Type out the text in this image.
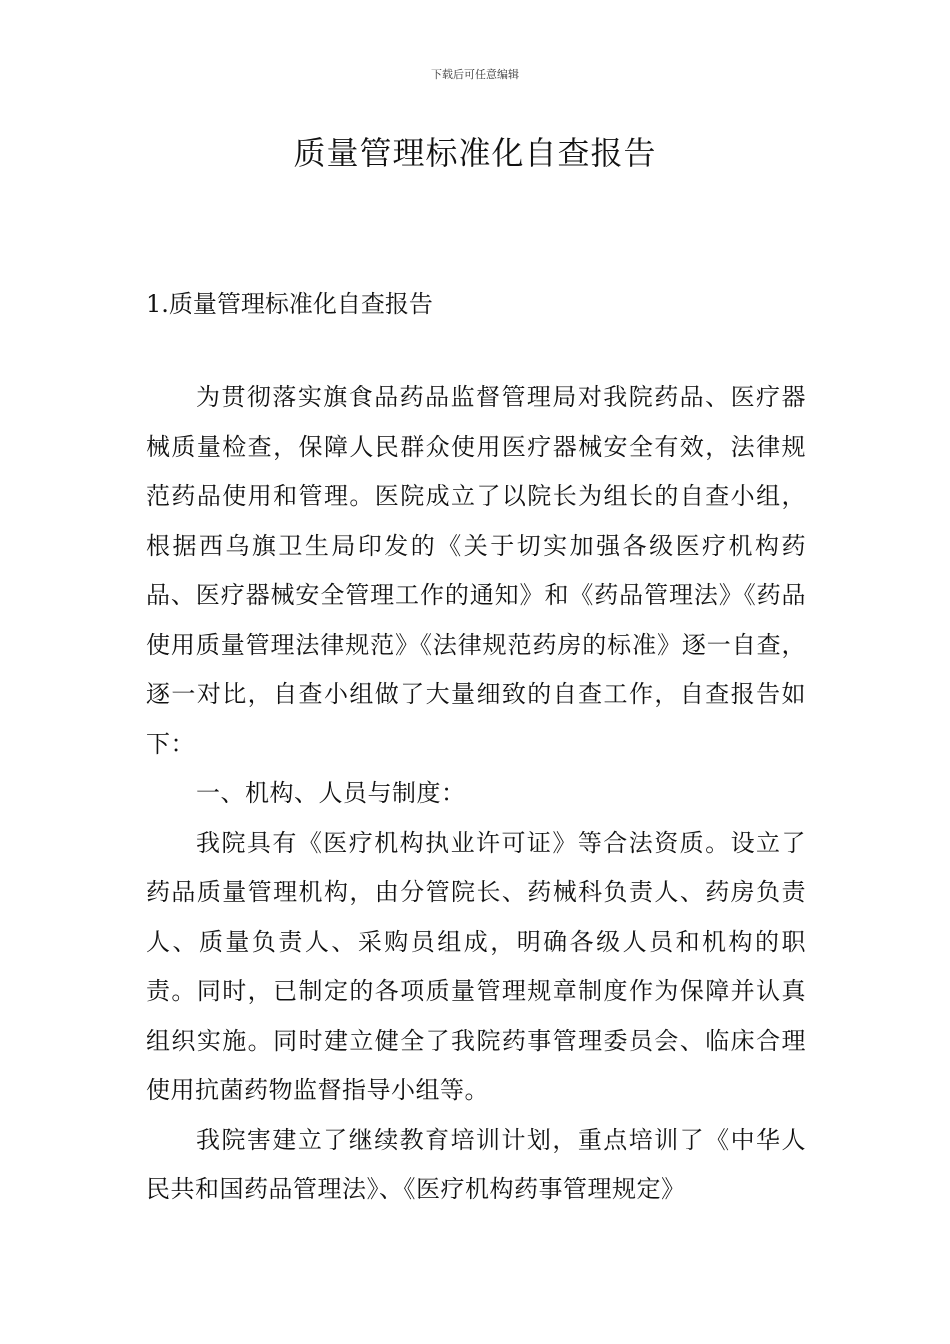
下载后可任意编辑
质量管理标准化自查报告
1.质量管理标准化自查报告

为贯彻落实旗食品药品监督管理局对我院药品、医疗器械质量检查，保障人民群众使用医疗器械安全有效，法律规范药品使用和管理。医院成立了以院长为组长的自查小组，根据西乌旗卫生局印发的《关于切实加强各级医疗机构药品、医疗器械安全管理工作的通知》和《药品管理法》《药品使用质量管理法律规范》《法律规范药房的标准》逐一自查，逐一对比，自查小组做了大量细致的自查工作，自查报告如下：

一、机构、人员与制度：

我院具有《医疗机构执业许可证》等合法资质。设立了药品质量管理机构，由分管院长、药械科负责人、药房负责人、质量负责人、采购员组成，明确各级人员和机构的职责。同时，已制定的各项质量管理规章制度作为保障并认真组织实施。同时建立健全了我院药事管理委员会、临床合理使用抗菌药物监督指导小组等。

我院害建立了继续教育培训计划，重点培训了《中华人民共和国药品管理法》、《医疗机构药事管理规定》
